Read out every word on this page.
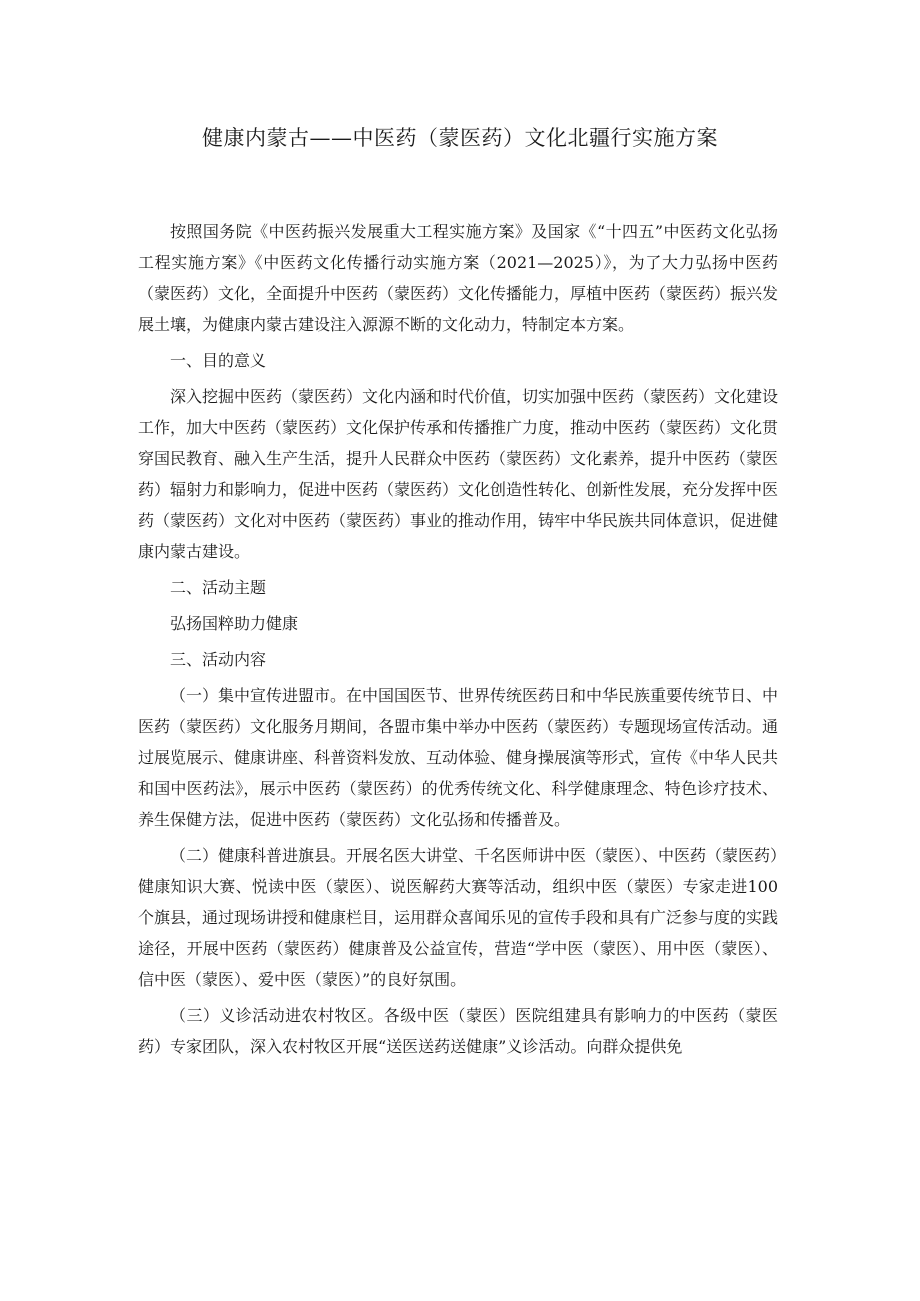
健康内蒙古——中医药（蒙医药）文化北疆行实施方案

按照国务院《中医药振兴发展重大工程实施方案》及国家《“十四五”中医药文化弘扬工程实施方案》《中医药文化传播行动实施方案（2021—2025）》，为了大力弘扬中医药（蒙医药）文化，全面提升中医药（蒙医药）文化传播能力，厚植中医药（蒙医药）振兴发展土壤，为健康内蒙古建设注入源源不断的文化动力，特制定本方案。

一、目的意义

深入挖掘中医药（蒙医药）文化内涵和时代价值，切实加强中医药（蒙医药）文化建设工作，加大中医药（蒙医药）文化保护传承和传播推广力度，推动中医药（蒙医药）文化贯穿国民教育、融入生产生活，提升人民群众中医药（蒙医药）文化素养，提升中医药（蒙医药）辐射力和影响力，促进中医药（蒙医药）文化创造性转化、创新性发展，充分发挥中医药（蒙医药）文化对中医药（蒙医药）事业的推动作用，铸牢中华民族共同体意识，促进健康内蒙古建设。

二、活动主题

弘扬国粹助力健康

三、活动内容

（一）集中宣传进盟市。在中国国医节、世界传统医药日和中华民族重要传统节日、中医药（蒙医药）文化服务月期间，各盟市集中举办中医药（蒙医药）专题现场宣传活动。通过展览展示、健康讲座、科普资料发放、互动体验、健身操展演等形式，宣传《中华人民共和国中医药法》，展示中医药（蒙医药）的优秀传统文化、科学健康理念、特色诊疗技术、养生保健方法，促进中医药（蒙医药）文化弘扬和传播普及。

（二）健康科普进旗县。开展名医大讲堂、千名医师讲中医（蒙医）、中医药（蒙医药）健康知识大赛、悦读中医（蒙医）、说医解药大赛等活动，组织中医（蒙医）专家走进100个旗县，通过现场讲授和健康栏目，运用群众喜闻乐见的宣传手段和具有广泛参与度的实践途径，开展中医药（蒙医药）健康普及公益宣传，营造“学中医（蒙医）、用中医（蒙医）、信中医（蒙医）、爱中医（蒙医）”的良好氛围。

（三）义诊活动进农村牧区。各级中医（蒙医）医院组建具有影响力的中医药（蒙医药）专家团队，深入农村牧区开展“送医送药送健康”义诊活动。向群众提供免
